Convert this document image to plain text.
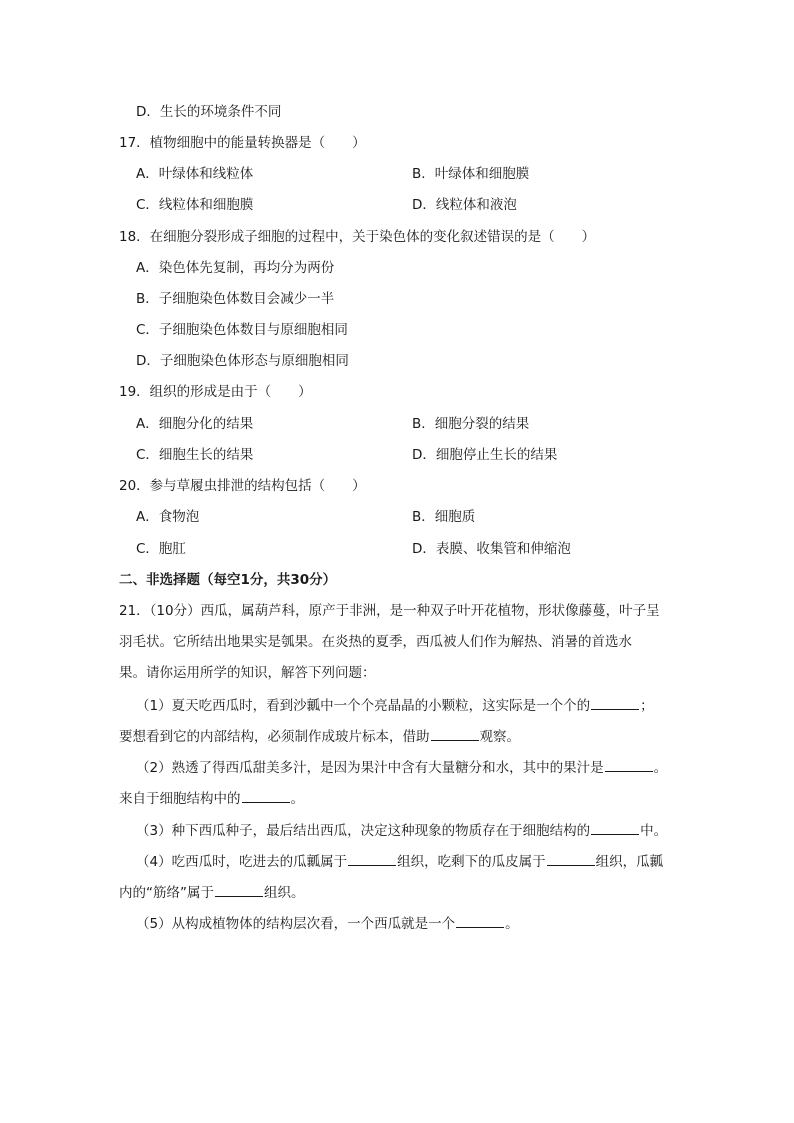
D．生长的环境条件不同
17．植物细胞中的能量转换器是（　　）
A．叶绿体和线粒体	B．叶绿体和细胞膜
C．线粒体和细胞膜	D．线粒体和液泡
18．在细胞分裂形成子细胞的过程中，关于染色体的变化叙述错误的是（　　）
A．染色体先复制，再均分为两份
B．子细胞染色体数目会减少一半
C．子细胞染色体数目与原细胞相同
D．子细胞染色体形态与原细胞相同
19．组织的形成是由于（　　）
A．细胞分化的结果	B．细胞分裂的结果
C．细胞生长的结果	D．细胞停止生长的结果
20．参与草履虫排泄的结构包括（　　）
A．食物泡	B．细胞质
C．胞肛	D．表膜、收集管和伸缩泡
二、非选择题（每空1分，共30分）
21．（10分）西瓜，属葫芦科，原产于非洲，是一种双子叶开花植物，形状像藤蔓，叶子呈
羽毛状。它所结出地果实是瓠果。在炎热的夏季，西瓜被人们作为解热、消暑的首选水
果。请你运用所学的知识，解答下列问题：
（1）夏天吃西瓜时，看到沙瓤中一个个亮晶晶的小颗粒，这实际是一个个的	；
要想看到它的内部结构，必须制作成玻片标本，借助	观察。
（2）熟透了得西瓜甜美多汁，是因为果汁中含有大量糖分和水，其中的果汁是	。
来自于细胞结构中的	。
（3）种下西瓜种子，最后结出西瓜，决定这种现象的物质存在于细胞结构的	中。
（4）吃西瓜时，吃进去的瓜瓤属于	组织，吃剩下的瓜皮属于	组织，瓜瓤
内的“筋络”属于	组织。
（5）从构成植物体的结构层次看，一个西瓜就是一个	。
